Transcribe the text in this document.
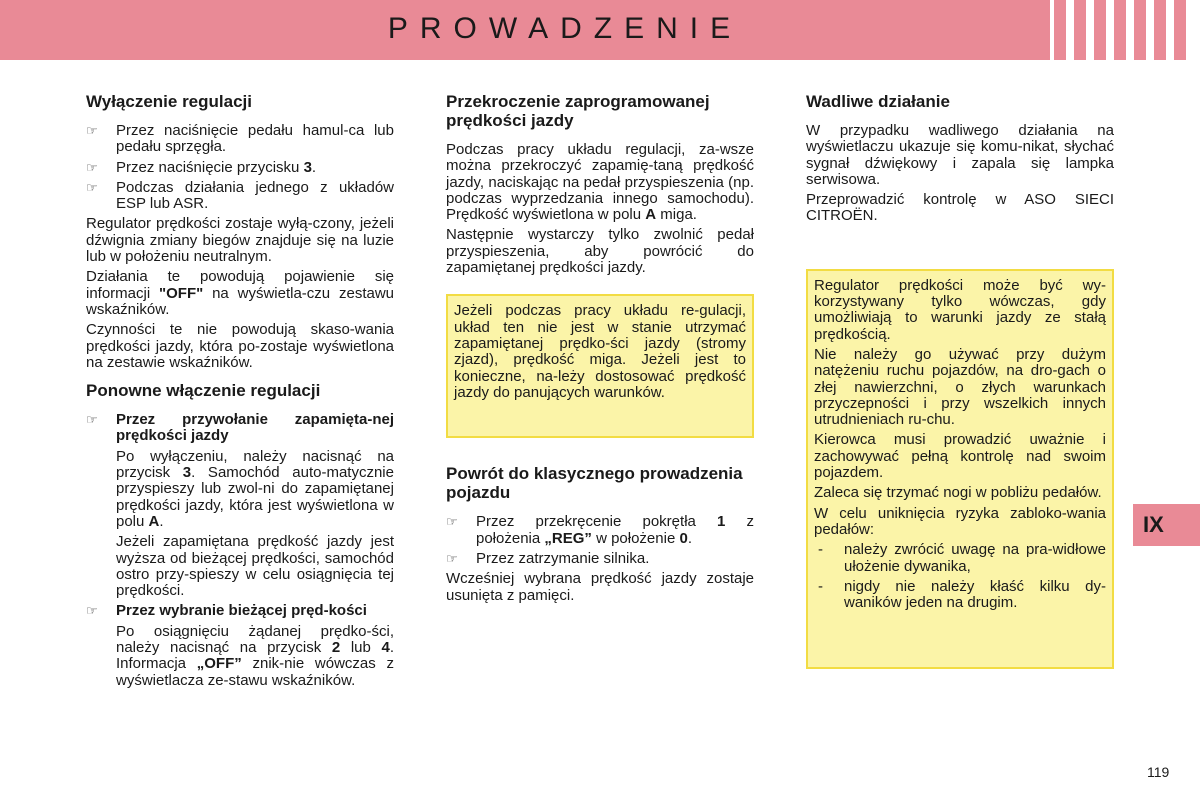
PROWADZENIE
Wyłączenie regulacji
☞ Przez naciśnięcie pedału hamul-ca lub pedału sprzęgła.
☞ Przez naciśnięcie przycisku 3.
☞ Podczas działania jednego z układów ESP lub ASR.

Regulator prędkości zostaje wyłą-czony, jeżeli dźwignia zmiany biegów znajduje się na luzie lub w położeniu neutralnym.

Działania te powodują pojawienie się informacji "OFF" na wyświetla-czu zestawu wskaźników.

Czynności te nie powodują skaso-wania prędkości jazdy, która po-zostaje wyświetlona na zestawie wskaźników.

Ponowne włączenie regulacji
☞ Przez przywołanie zapamięta-nej prędkości jazdy

Po wyłączeniu, należy nacisnąć na przycisk 3. Samochód auto-matycznie przyspieszy lub zwol-ni do zapamiętanej prędkości jazdy, która jest wyświetlona w polu A.

Jeżeli zapamiętana prędkość jazdy jest wyższa od bieżącej prędkości, samochód ostro przy-spieszy w celu osiągnięcia tej prędkości.

☞ Przez wybranie bieżącej pręd-kości

Po osiągnięciu żądanej prędko-ści, należy nacisnąć na przycisk 2 lub 4. Informacja „OFF” znik-nie wówczas z wyświetlacza ze-stawu wskaźników.

Przekroczenie zaprogramowanej prędkości jazdy

Podczas pracy układu regulacji, za-wsze można przekroczyć zapamię-taną prędkość jazdy, naciskając na pedał przyspieszenia (np. podczas wyprzedzania innego samochodu). Prędkość wyświetlona w polu A miga.

Następnie wystarczy tylko zwolnić pedał przyspieszenia, aby powrócić do zapamiętanej prędkości jazdy.

Jeżeli podczas pracy układu re-gulacji, układ ten nie jest w stanie utrzymać zapamiętanej prędko-ści jazdy (stromy zjazd), prędkość miga. Jeżeli jest to konieczne, na-leży dostosować prędkość jazdy do panujących warunków.

Powrót do klasycznego prowadzenia pojazdu
☞ Przez przekręcenie pokrętła 1 z położenia „REG” w położenie 0.
☞ Przez zatrzymanie silnika.

Wcześniej wybrana prędkość jazdy zostaje usunięta z pamięci.

Wadliwe działanie

W przypadku wadliwego działania na wyświetlaczu ukazuje się komu-nikat, słychać sygnał dźwiękowy i zapala się lampka serwisowa.

Przeprowadzić kontrolę w ASO SIECI CITROËN.

Regulator prędkości może być wy-korzystywany tylko wówczas, gdy umożliwiają to warunki jazdy ze stałą prędkością.

Nie należy go używać przy dużym natężeniu ruchu pojazdów, na dro-gach o złej nawierzchni, o złych warunkach przyczepności i przy wszelkich innych utrudnieniach ru-chu.

Kierowca musi prowadzić uważnie i zachowywać pełną kontrolę nad swoim pojazdem.

Zaleca się trzymać nogi w pobliżu pedałów.

W celu uniknięcia ryzyka zabloko-wania pedałów:

- należy zwrócić uwagę na pra-widłowe ułożenie dywanika,
- nigdy nie należy kłaść kilku dy-waników jeden na drugim.
IX
119
